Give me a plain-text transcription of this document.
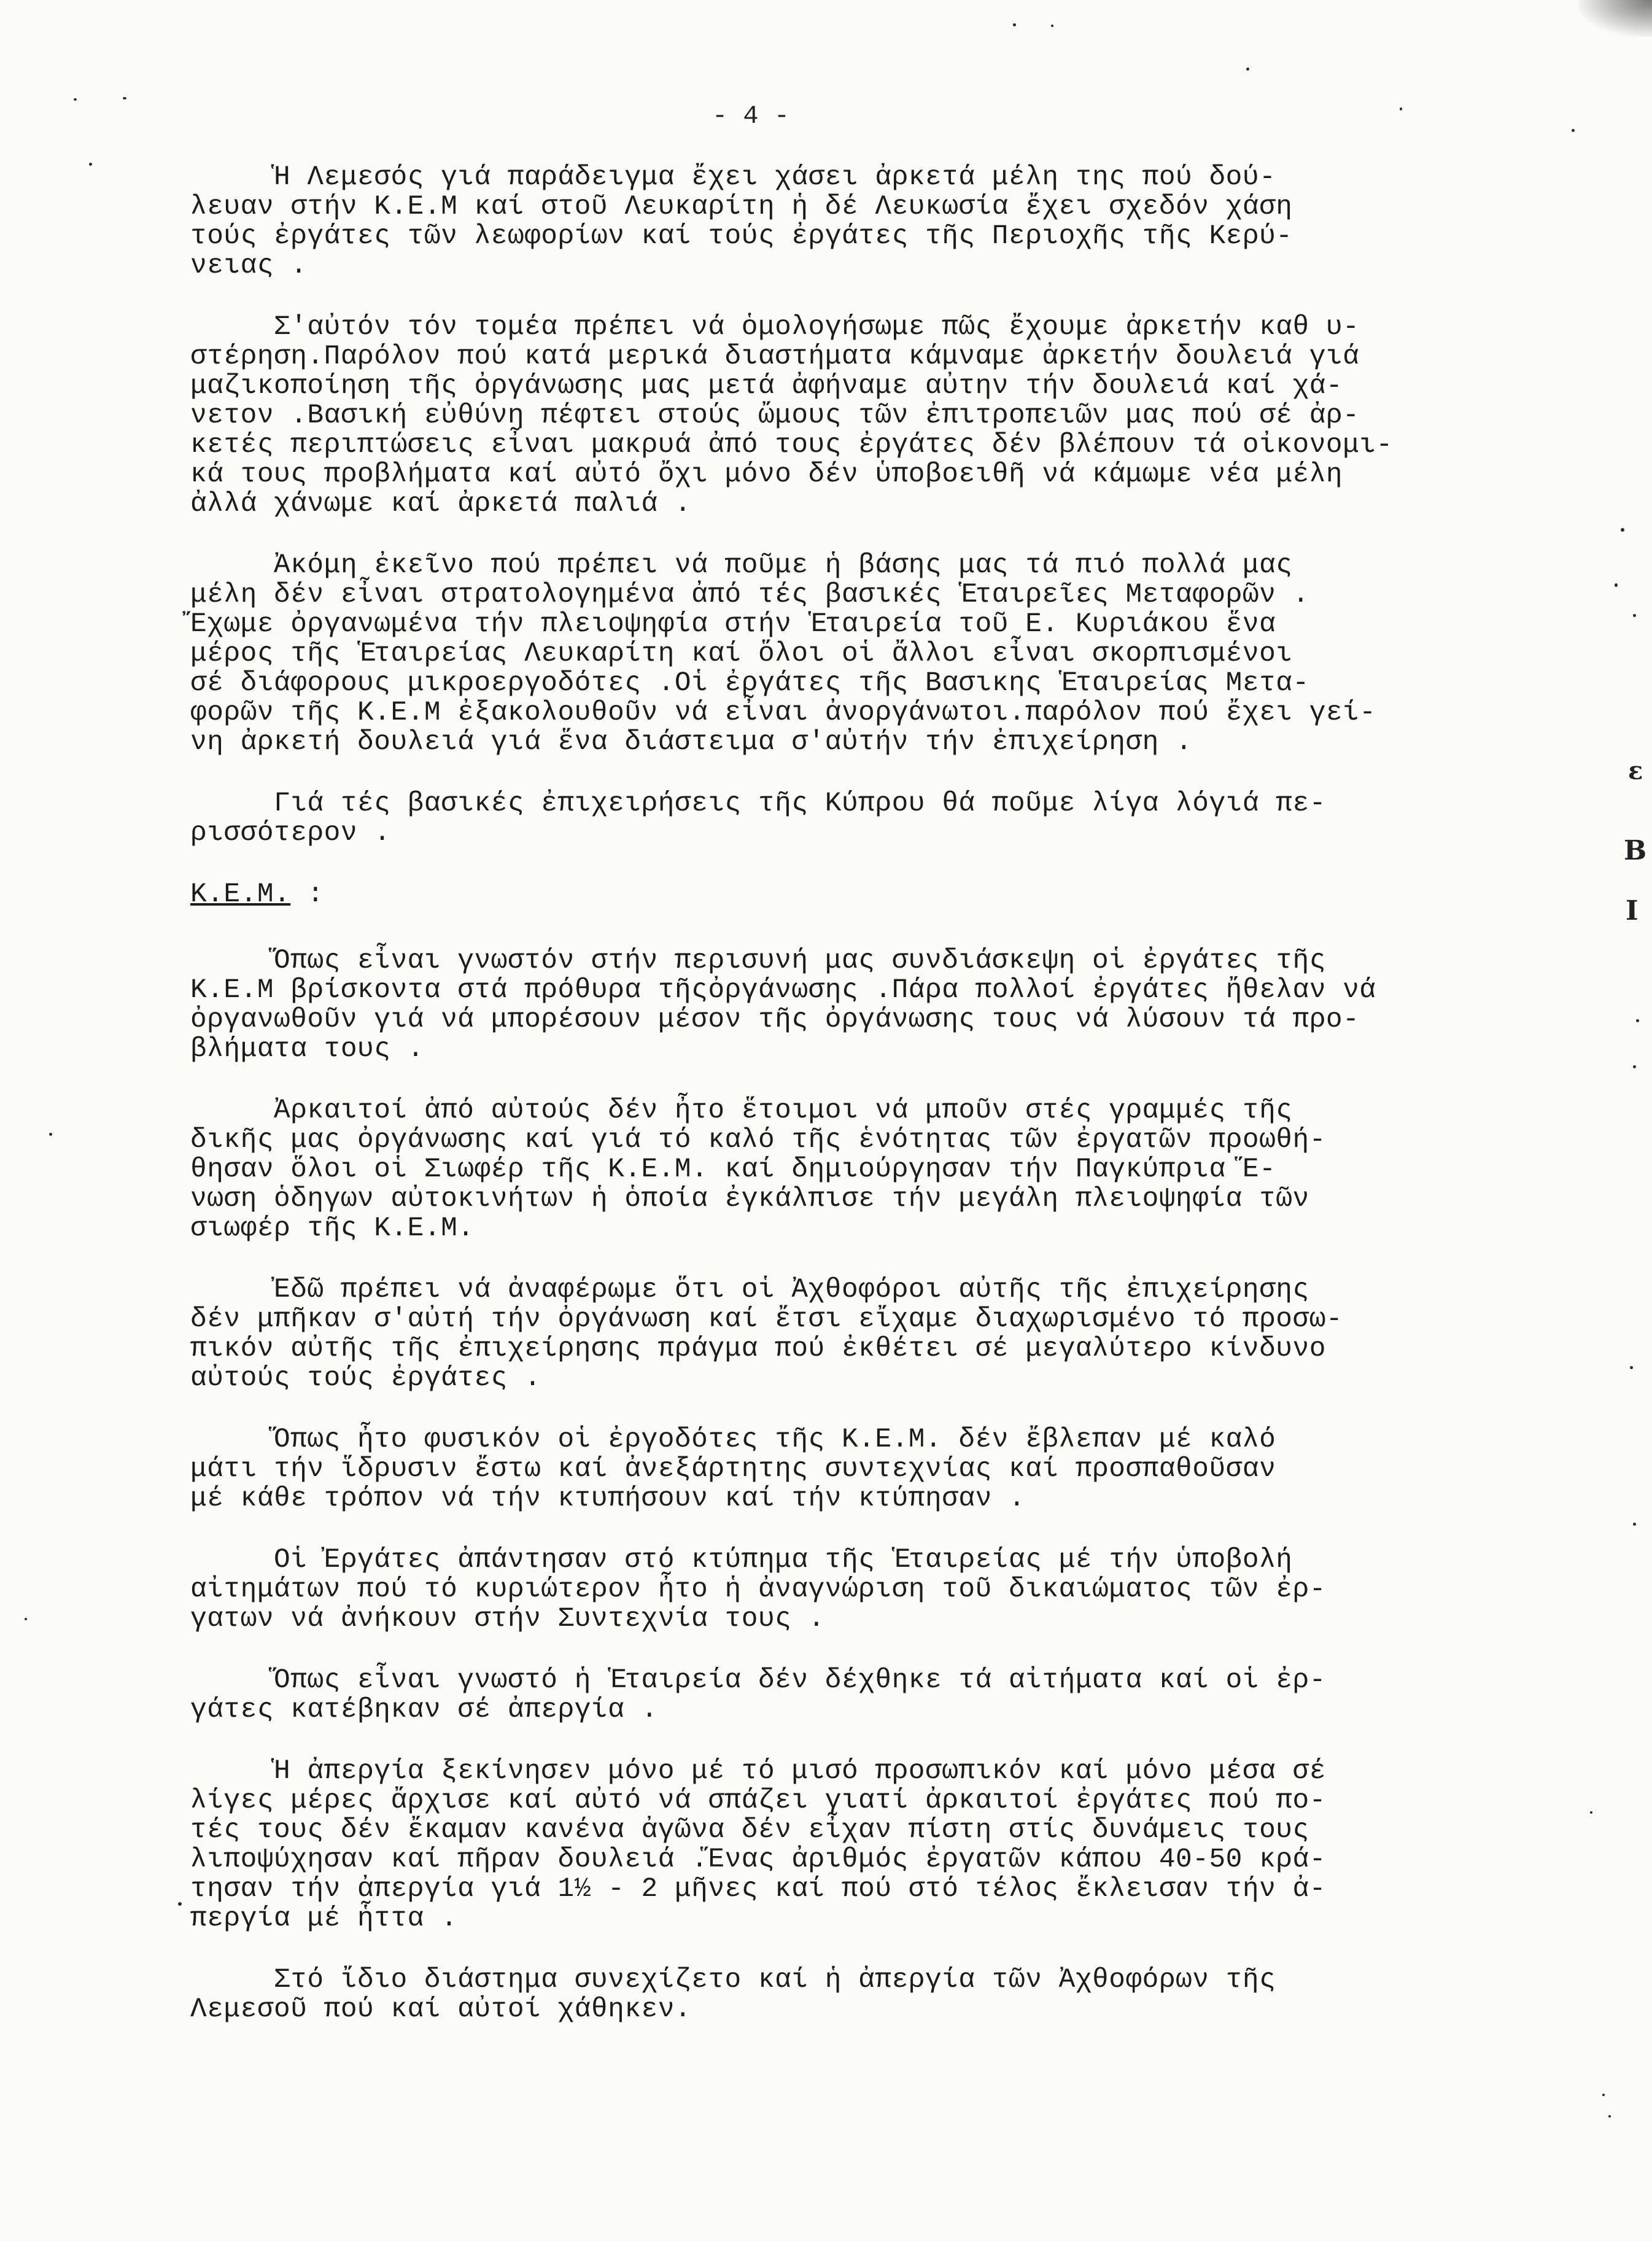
- 4 -

Ἡ Λεμεσός γιά παράδειγμα ἔχει χάσει ἀρκετά μέλη της πού δού-
λευαν στήν Κ.Ε.Μ καί στοῦ Λευκαρίτη ἡ δέ Λευκωσία ἔχει σχεδόν χάση
τούς ἐργάτες τῶν λεωφορίων καί τούς ἐργάτες τῆς Περιοχῆς τῆς Κερύ-
νειας .

Σ'αὐτόν τόν τομέα πρέπει νά ὁμολογήσωμε πῶς ἔχουμε ἀρκετήν καθ υ-
στέρηση.Παρόλον πού κατά μερικά διαστήματα κάμναμε ἀρκετήν δουλειά γιά
μαζικοποίηση τῆς ὀργάνωσης μας μετά ἀφήναμε αὐτην τήν δουλειά καί χά-
νετον .Βασική εὐθύνη πέφτει στούς ὤμους τῶν ἐπιτροπειῶν μας πού σέ ἀρ-
κετές περιπτώσεις εἶναι μακρυά ἀπό τους ἐργάτες δέν βλέπουν τά οἰκονομι-
κά τους προβλήματα καί αὐτό ὄχι μόνο δέν ὑποβοειθῆ νά κάμωμε νέα μέλη
ἀλλά χάνωμε καί ἀρκετά παλιά .

Ἀκόμη ἐκεῖνο πού πρέπει νά ποῦμε ἡ βάσης μας τά πιό πολλά μας
μέλη δέν εἶναι στρατολογημένα ἀπό τές βασικές Ἑταιρεῖες Μεταφορῶν .
Ἔχωμε ὀργανωμένα τήν πλειοψηφία στήν Ἑταιρεία τοῦ Ε. Κυριάκου ἕνα
μέρος τῆς Ἑταιρείας Λευκαρίτη καί ὅλοι οἱ ἄλλοι εἶναι σκορπισμένοι
σέ διάφορους μικροεργοδότες .Οἱ ἐργάτες τῆς Βασικης Ἑταιρείας Μετα-
φορῶν τῆς Κ.Ε.Μ ἐξακολουθοῦν νά εἶναι ἀνοργάνωτοι.παρόλον πού ἔχει γεί-
νη ἀρκετή δουλειά γιά ἕνα διάστειμα σ'αὐτήν τήν ἐπιχείρηση .

Γιά τές βασικές ἐπιχειρήσεις τῆς Κύπρου θά ποῦμε λίγα λόγιά πε-
ρισσότερον .

Κ.Ε.Μ. :

Ὅπως εἶναι γνωστόν στήν περισυνή μας συνδιάσκεψη οἱ ἐργάτες τῆς
Κ.Ε.Μ βρίσκοντα στά πρόθυρα τῆςὀργάνωσης .Πάρα πολλοί ἐργάτες ἤθελαν νά
ὀργανωθοῦν γιά νά μπορέσουν μέσον τῆς ὀργάνωσης τους νά λύσουν τά προ-
βλήματα τους .

Ἀρκαιτοί ἀπό αὐτούς δέν ἦτο ἕτοιμοι νά μποῦν στές γραμμές τῆς
δικῆς μας ὀργάνωσης καί γιά τό καλό τῆς ἑνότητας τῶν ἐργατῶν προωθή-
θησαν ὅλοι οἱ Σιωφέρ τῆς Κ.Ε.Μ. καί δημιούργησαν τήν Παγκύπρια Ἕ-
νωση ὁδηγων αὐτοκινήτων ἡ ὁποία ἐγκάλπισε τήν μεγάλη πλειοψηφία τῶν
σιωφέρ τῆς Κ.Ε.Μ.

Ἐδῶ πρέπει νά ἀναφέρωμε ὅτι οἱ Ἀχθοφόροι αὐτῆς τῆς ἐπιχείρησης
δέν μπῆκαν σ'αὐτή τήν ὀργάνωση καί ἔτσι εἴχαμε διαχωρισμένο τό προσω-
πικόν αὐτῆς τῆς ἐπιχείρησης πράγμα πού ἐκθέτει σέ μεγαλύτερο κίνδυνο
αὐτούς τούς ἐργάτες .

Ὅπως ἦτο φυσικόν οἱ ἐργοδότες τῆς Κ.Ε.Μ. δέν ἔβλεπαν μέ καλό
μάτι τήν ἵδρυσιν ἔστω καί ἀνεξάρτητης συντεχνίας καί προσπαθοῦσαν
μέ κάθε τρόπον νά τήν κτυπήσουν καί τήν κτύπησαν .

Οἱ Ἐργάτες ἀπάντησαν στό κτύπημα τῆς Ἑταιρείας μέ τήν ὑποβολή
αἰτημάτων πού τό κυριώτερον ἦτο ἡ ἀναγνώριση τοῦ δικαιώματος τῶν ἐρ-
γατων νά ἀνήκουν στήν Συντεχνία τους .

Ὅπως εἶναι γνωστό ἡ Ἑταιρεία δέν δέχθηκε τά αἰτήματα καί οἱ ἐρ-
γάτες κατέβηκαν σέ ἀπεργία .

Ἡ ἀπεργία ξεκίνησεν μόνο μέ τό μισό προσωπικόν καί μόνο μέσα σέ
λίγες μέρες ἄρχισε καί αὐτό νά σπάζει γιατί ἀρκαιτοί ἐργάτες πού πο-
τές τους δέν ἔκαμαν κανένα ἀγῶνα δέν εἶχαν πίστη στίς δυνάμεις τους
λιποψύχησαν καί πῆραν δουλειά .Ἕνας ἀριθμός ἐργατῶν κάπου 40-50 κρά-
τησαν τήν ἀπεργία γιά 1½ - 2 μῆνες καί πού στό τέλος ἔκλεισαν τήν ἀ-
περγία μέ ἧττα .

Στό ἴδιο διάστημα συνεχίζετο καί ἡ ἀπεργία τῶν Ἀχθοφόρων τῆς
Λεμεσοῦ πού καί αὐτοί χάθηκεν.

ε
Β
Ι
